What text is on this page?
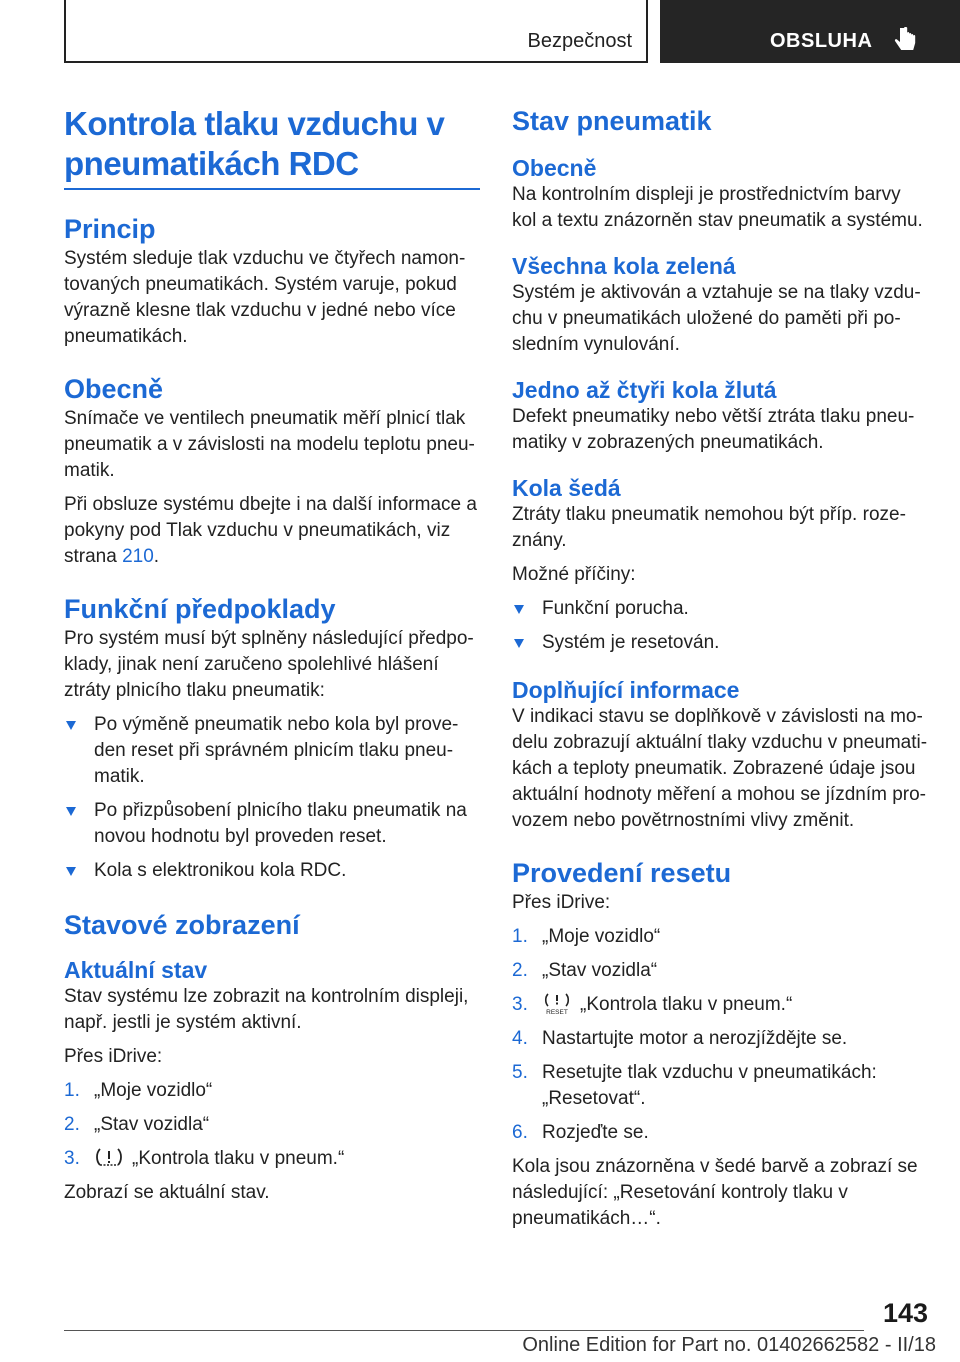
Bezpečnost	OBSLUHA
Kontrola tlaku vzduchu v pneumatikách RDC
Princip

Systém sleduje tlak vzduchu ve čtyřech namon-tovaných pneumatikách. Systém varuje, pokud výrazně klesne tlak vzduchu v jedné nebo více pneumatikách.

Obecně

Snímače ve ventilech pneumatik měří plnicí tlak pneumatik a v závislosti na modelu teplotu pneu-matik.

Při obsluze systému dbejte i na další informace a pokyny pod Tlak vzduchu v pneumatikách, viz strana 210.

Funkční předpoklady

Pro systém musí být splněny následující předpo-klady, jinak není zaručeno spolehlivé hlášení ztráty plnicího tlaku pneumatik:

Po výměně pneumatik nebo kola byl prove-den reset při správném plnicím tlaku pneu-matik.
Po přizpůsobení plnicího tlaku pneumatik na novou hodnotu byl proveden reset.
Kola s elektronikou kola RDC.
Stavové zobrazení
Aktuální stav

Stav systému lze zobrazit na kontrolním displeji, např. jestli je systém aktivní.

Přes iDrive:

1. „Moje vozidlo“
2. „Stav vozidla“
3.	„Kontrola tlaku v pneum.“

Zobrazí se aktuální stav.

Stav pneumatik
Obecně

Na kontrolním displeji je prostřednictvím barvy kol a textu znázorněn stav pneumatik a systému.

Všechna kola zelená

Systém je aktivován a vztahuje se na tlaky vzdu-chu v pneumatikách uložené do paměti při po-sledním vynulování.

Jedno až čtyři kola žlutá

Defekt pneumatiky nebo větší ztráta tlaku pneu-matiky v zobrazených pneumatikách.

Kola šedá

Ztráty tlaku pneumatik nemohou být příp. roze-znány.

Možné příčiny:

Funkční porucha.
Systém je resetován.
Doplňující informace

V indikaci stavu se doplňkově v závislosti na mo-delu zobrazují aktuální tlaky vzduchu v pneumati-kách a teploty pneumatik. Zobrazené údaje jsou aktuální hodnoty měření a mohou se jízdním pro-vozem nebo povětrnostními vlivy změnit.

Provedení resetu

Přes iDrive:

1. „Moje vozidlo“
2. „Stav vozidla“
3.	RESET „Kontrola tlaku v pneum.“
4. Nastartujte motor a nerozjíždějte se.
5. Resetujte tlak vzduchu v pneumatikách: „Resetovat“.
6. Rozjeďte se.

Kola jsou znázorněna v šedé barvě a zobrazí se následující: „Resetování kontroly tlaku v pneumatikách…“.

143
Online Edition for Part no. 01402662582 - II/18
